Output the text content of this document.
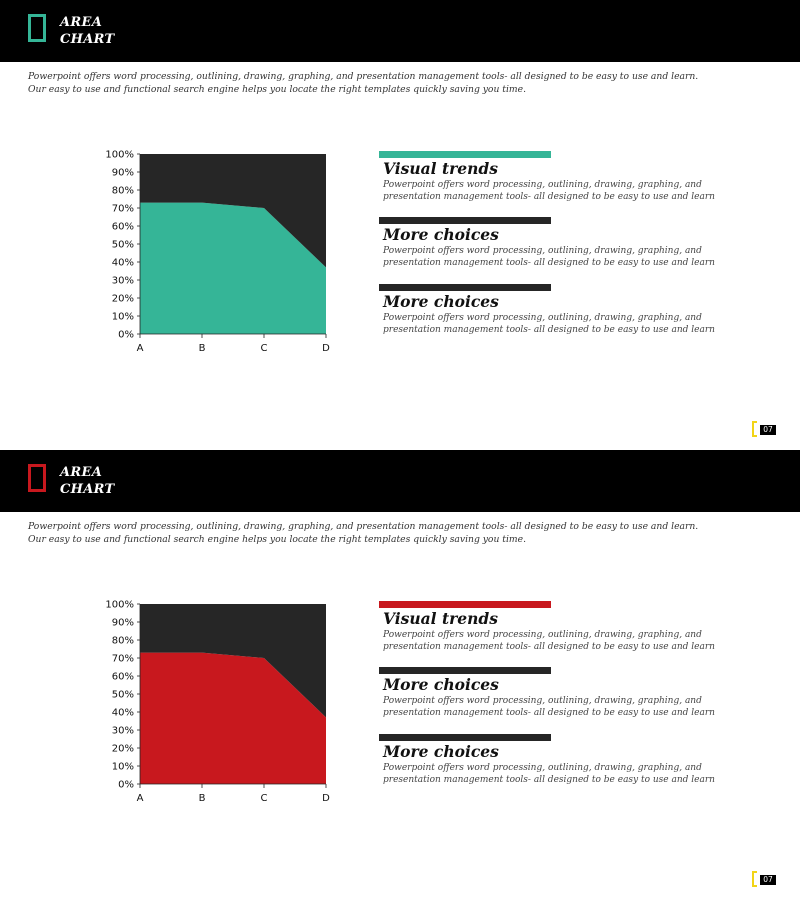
AREA
CHART
Powerpoint offers word processing, outlining, drawing, graphing, and presentation management tools- all designed to be easy to use and learn.
Our easy to use and functional search engine helps you locate the right templates quickly saving you time.
0%
10%
20%
30%
40%
50%
60%
70%
80%
90%
100%
A	B	C	D
Visual trends
Powerpoint offers word processing, outlining, drawing, graphing, and
presentation management tools- all designed to be easy to use and learn
More choices
Powerpoint offers word processing, outlining, drawing, graphing, and
presentation management tools- all designed to be easy to use and learn
More choices
Powerpoint offers word processing, outlining, drawing, graphing, and
presentation management tools- all designed to be easy to use and learn
07
AREA
CHART
Powerpoint offers word processing, outlining, drawing, graphing, and presentation management tools- all designed to be easy to use and learn.
Our easy to use and functional search engine helps you locate the right templates quickly saving you time.
0%
10%
20%
30%
40%
50%
60%
70%
80%
90%
100%
A	B	C	D
Visual trends
Powerpoint offers word processing, outlining, drawing, graphing, and
presentation management tools- all designed to be easy to use and learn
More choices
Powerpoint offers word processing, outlining, drawing, graphing, and
presentation management tools- all designed to be easy to use and learn
More choices
Powerpoint offers word processing, outlining, drawing, graphing, and
presentation management tools- all designed to be easy to use and learn
07
